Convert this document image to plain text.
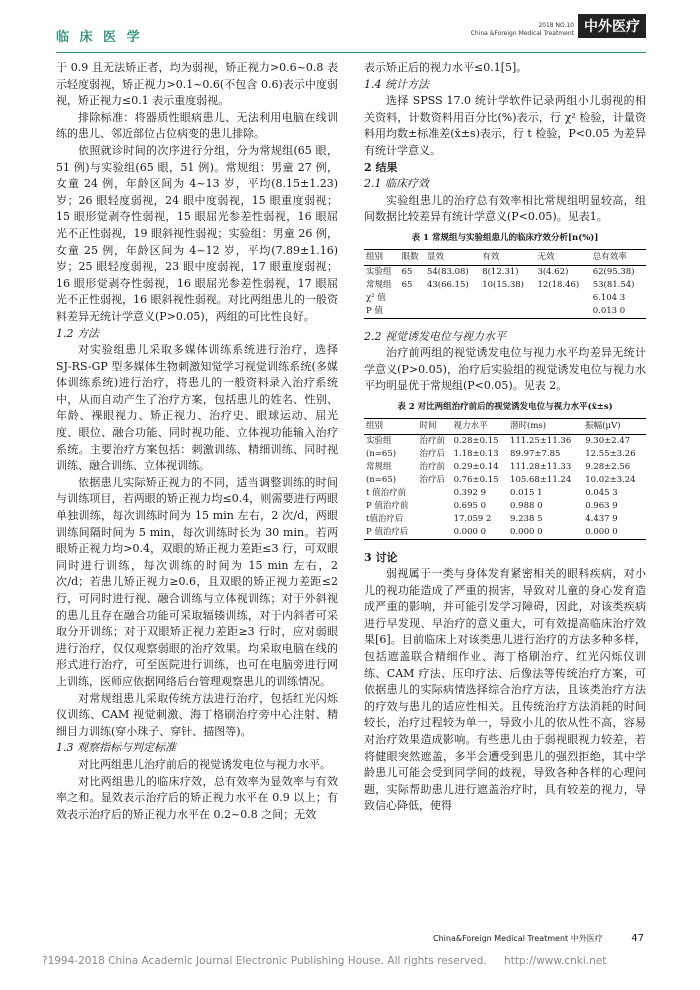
临 床 医 学
2018 NO.10
China &Foreign Medical Treatment 中外医疗

于 0.9 且无法矫正者，均为弱视，矫正视力>0.6~0.8 表示轻度弱视，矫正视力>0.1~0.6(不包含 0.6)表示中度弱视，矫正视力≤0.1 表示重度弱视。

排除标准：将器质性眼病患儿、无法利用电脑在线训练的患儿、邻近部位占位病变的患儿排除。

依照就诊时间的次序进行分组，分为常规组(65 眼，51 例)与实验组(65 眼，51 例)。常规组：男童 27 例，女童 24 例，年龄区间为 4~13 岁，平均(8.15±1.23)岁；26 眼轻度弱视，24 眼中度弱视，15 眼重度弱视；15 眼形觉剥夺性弱视，15 眼屈光参差性弱视，16 眼屈光不正性弱视，19 眼斜视性弱视；实验组：男童 26 例，女童 25 例，年龄区间为 4~12 岁，平均(7.89±1.16)岁；25 眼轻度弱视，23 眼中度弱视，17 眼重度弱视；16 眼形觉剥夺性弱视，16 眼屈光参差性弱视，17 眼屈光不正性弱视，16 眼斜视性弱视。对比两组患儿的一般资料差异无统计学意义(P>0.05)，两组的可比性良好。

1.2 方法

对实验组患儿采取多媒体训练系统进行治疗，选择 SJ-RS-GP 型多媒体生物刺激知觉学习视觉训练系统(多媒体训练系统)进行治疗，将患儿的一般资料录入治疗系统中，从而自动产生了治疗方案，包括患儿的姓名、性别、年龄、裸眼视力、矫正视力、治疗史、眼球运动、屈光度、眼位、融合功能、同时视功能、立体视功能输入治疗系统。主要治疗方案包括：刺激训练、精细训练、同时视训练、融合训练、立体视训练。

依据患儿实际矫正视力的不同，适当调整训练的时间与训练项目，若两眼的矫正视力均≤0.4，则需要进行两眼单独训练，每次训练时间为 15 min 左右，2 次/d，两眼训练间隔时间为 5 min，每次训练时长为 30 min。若两眼矫正视力均>0.4，双眼的矫正视力差距≤3 行，可双眼同时进行训练，每次训练的时间为 15 min 左右，2 次/d；若患儿矫正视力≥0.6，且双眼的矫正视力差距≤2 行，可同时进行视、融合训练与立体视训练；对于外斜视的患儿且存在融合功能可采取辐辏训练，对于内斜者可采取分开训练；对于双眼矫正视力差距≥3 行时，应对弱眼进行治疗，仅仅观察弱眼的治疗效果。均采取电脑在线的形式进行治疗，可至医院进行训练，也可在电脑旁进行网上训练，医师应依据网络后台管理观察患儿的训练情况。

对常规组患儿采取传统方法进行治疗，包括红光闪烁仪训练、CAM 视觉刺激、海丁格刷治疗旁中心注射、精细目力训练(穿小珠子、穿针、描图等)。

1.3 观察指标与判定标准

对比两组患儿治疗前后的视觉诱发电位与视力水平。

对比两组患儿的临床疗效，总有效率为显效率与有效率之和。显效表示治疗后的矫正视力水平在 0.9 以上；有效表示治疗后的矫正视力水平在 0.2~0.8 之间；无效

表示矫正后的视力水平≤0.1[5]。

1.4 统计方法

选择 SPSS 17.0 统计学软件记录两组小儿弱视的相关资料，计数资料用百分比(%)表示，行 χ² 检验，计量资料用均数±标准差(x̄±s)表示，行 t 检验，P<0.05 为差异有统计学意义。

2 结果

2.1 临床疗效

实验组患儿的治疗总有效率相比常规组明显较高，组间数据比较差异有统计学意义(P<0.05)。见表1。

表 1 常规组与实验组患儿的临床疗效分析[n(%)]
组别	眼数	显效	有效	无效	总有效率
实验组	65	54(83.08)	8(12.31)	3(4.62)	62(95.38)
常规组	65	43(66.15)	10(15.38)	12(18.46)	53(81.54)
χ² 值					6.104 3
P 值					0.013 0

2.2 视觉诱发电位与视力水平

治疗前两组的视觉诱发电位与视力水平均差异无统计学意义(P>0.05)，治疗后实验组的视觉诱发电位与视力水平均明显优于常规组(P<0.05)。见表 2。

表 2 对比两组治疗前后的视觉诱发电位与视力水平(x̄±s)
组别	时间	视力水平	潜时(ms)	振幅(μV)
实验组	治疗前	0.28±0.15	111.25±11.36	9.30±2.47
(n=65)	治疗后	1.18±0.13	89.97±7.85	12.55±3.26
常规组	治疗前	0.29±0.14	111.28±11.33	9.28±2.56
(n=65)	治疗后	0.76±0.15	105.68±11.24	10.02±3.24
t 值治疗前		0.392 9	0.015 1	0.045 3
P 值治疗前		0.695 0	0.988 0	0.963 9
t值治疗后		17.059 2	9.238 5	4.437 9
P 值治疗后		0.000 0	0.000 0	0.000 0

3 讨论

弱视属于一类与身体发育紧密相关的眼科疾病，对小儿的视功能造成了严重的损害，导致对儿童的身心发育造成严重的影响，并可能引发学习障碍，因此，对该类疾病进行早发现、早治疗的意义重大，可有效提高临床治疗效果[6]。目前临床上对该类患儿进行治疗的方法多种多样，包括遮盖联合精细作业、海丁格刷治疗、红光闪烁仪训练、CAM 疗法、压印疗法、后像法等传统治疗方案，可依据患儿的实际病情选择综合治疗方法，且该类治疗方法的疗效与患儿的适应性相关。且传统治疗方法消耗的时间较长，治疗过程较为单一，导致小儿的依从性不高，容易对治疗效果造成影响。有些患儿由于弱视眼视力较差，若将健眼突然遮盖，多半会遭受到患儿的强烈拒绝，其中学龄患儿可能会受到同学间的歧视，导致各种各样的心理问题，实际帮助患儿进行遮盖治疗时，具有较差的视力，导致信心降低，使得

China&Foreign Medical Treatment 中外医疗	47
?1994-2018 China Academic Journal Electronic Publishing House. All rights reserved. http://www.cnki.net
